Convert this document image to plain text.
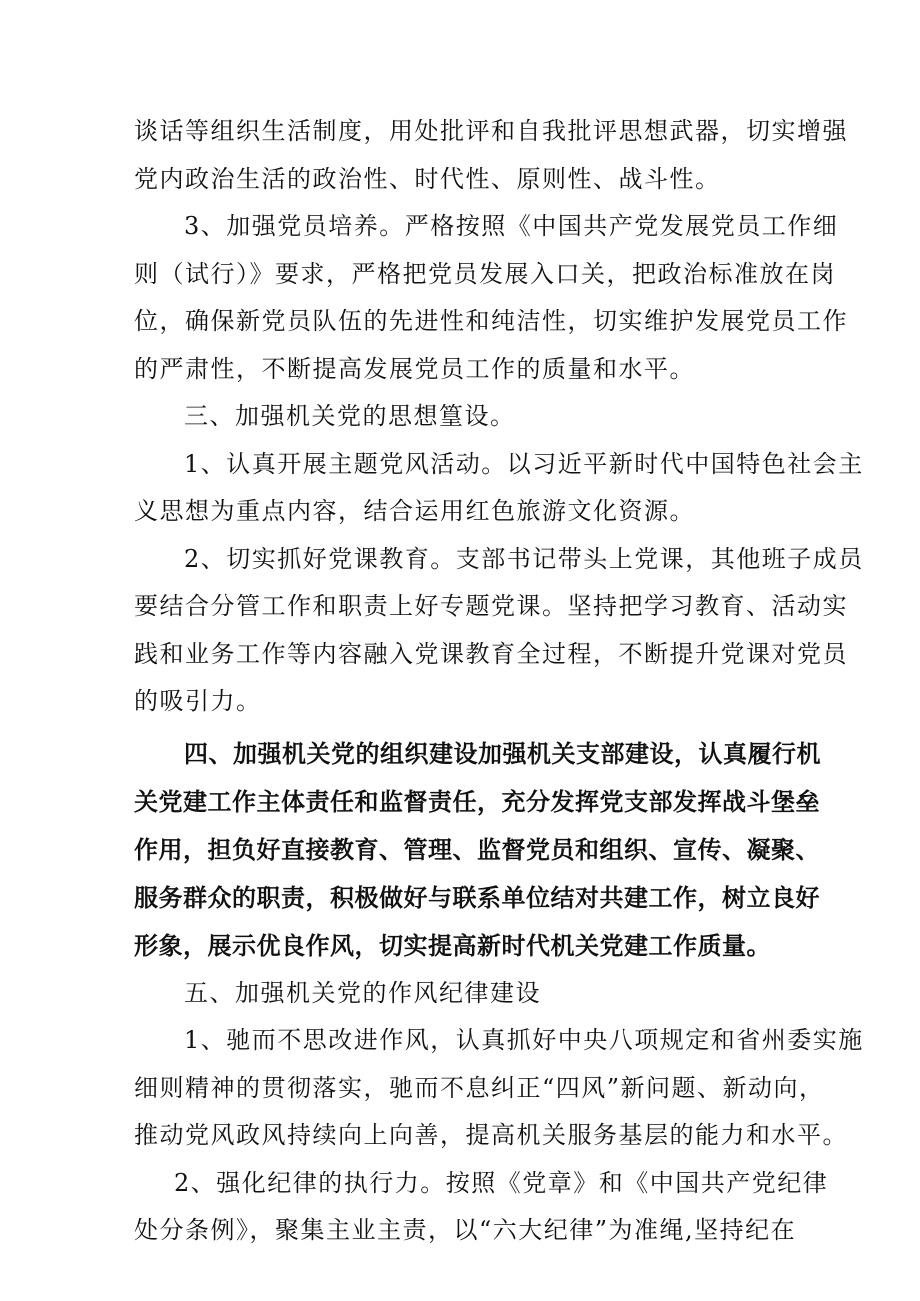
谈话等组织生活制度，用处批评和自我批评思想武器，切实增强
党内政治生活的政治性、时代性、原则性、战斗性。
3、加强党员培养。严格按照《中国共产党发展党员工作细
则（试行）》要求，严格把党员发展入口关，把政治标准放在岗
位，确保新党员队伍的先进性和纯洁性，切实维护发展党员工作
的严肃性，不断提高发展党员工作的质量和水平。
三、加强机关党的思想篁设。
1、认真开展主题党风活动。以习近平新时代中国特色社会主
义思想为重点内容，结合运用红色旅游文化资源。
2、切实抓好党课教育。支部书记带头上党课，其他班子成员
要结合分管工作和职责上好专题党课。坚持把学习教育、活动实
践和业务工作等内容融入党课教育全过程，不断提升党课对党员
的吸引力。
四、加强机关党的组织建设加强机关支部建设，认真履行机
关党建工作主体责任和监督责任，充分发挥党支部发挥战斗堡垒
作用，担负好直接教育、管理、监督党员和组织、宣传、凝聚、
服务群众的职责，积极做好与联系单位结对共建工作，树立良好
形象，展示优良作风，切实提高新时代机关党建工作质量。
五、加强机关党的作风纪律建设
1、驰而不思改进作风，认真抓好中央八项规定和省州委实施
细则精神的贯彻落实，驰而不息纠正“四风”新问题、新动向，
推动党风政风持续向上向善，提高机关服务基层的能力和水平。
2、强化纪律的执行力。按照《党章》和《中国共产党纪律
处分条例》，聚集主业主责，以“六大纪律”为准绳,坚持纪在
